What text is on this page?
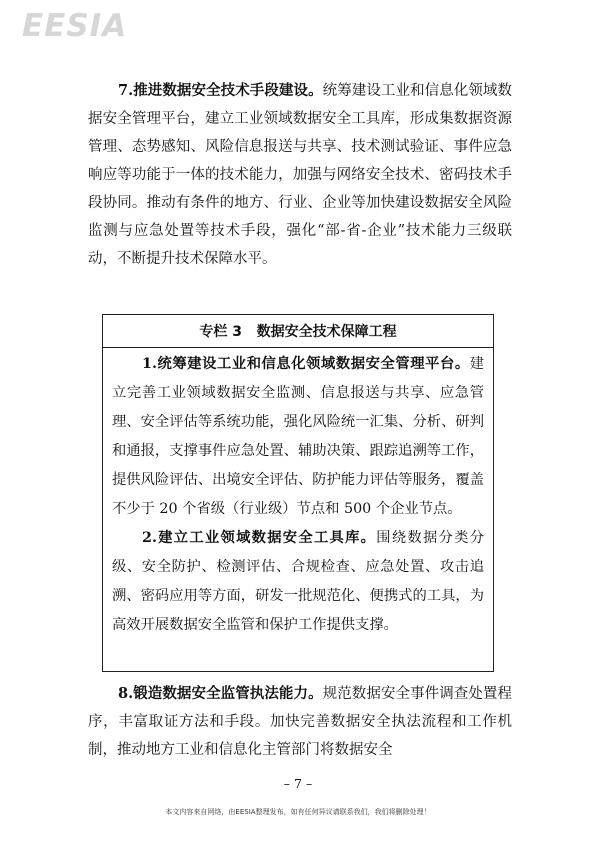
EESIA

7.推进数据安全技术手段建设。统筹建设工业和信息化领域数据安全管理平台，建立工业领域数据安全工具库，形成集数据资源管理、态势感知、风险信息报送与共享、技术测试验证、事件应急响应等功能于一体的技术能力，加强与网络安全技术、密码技术手段协同。推动有条件的地方、行业、企业等加快建设数据安全风险监测与应急处置等技术手段，强化“部-省-企业”技术能力三级联动，不断提升技术保障水平。

专栏 3   数据安全技术保障工程

1.统筹建设工业和信息化领域数据安全管理平台。建立完善工业领域数据安全监测、信息报送与共享、应急管理、安全评估等系统功能，强化风险统一汇集、分析、研判和通报，支撑事件应急处置、辅助决策、跟踪追溯等工作，提供风险评估、出境安全评估、防护能力评估等服务，覆盖不少于 20 个省级（行业级）节点和 500 个企业节点。

2.建立工业领域数据安全工具库。围绕数据分类分级、安全防护、检测评估、合规检查、应急处置、攻击追溯、密码应用等方面，研发一批规范化、便携式的工具，为高效开展数据安全监管和保护工作提供支撑。

8.锻造数据安全监管执法能力。规范数据安全事件调查处置程序，丰富取证方法和手段。加快完善数据安全执法流程和工作机制，推动地方工业和信息化主管部门将数据安全

– 7 –
本文内容来自网络，由EESIA整理发布，如有任何异议请联系我们，我们将删除处理！
